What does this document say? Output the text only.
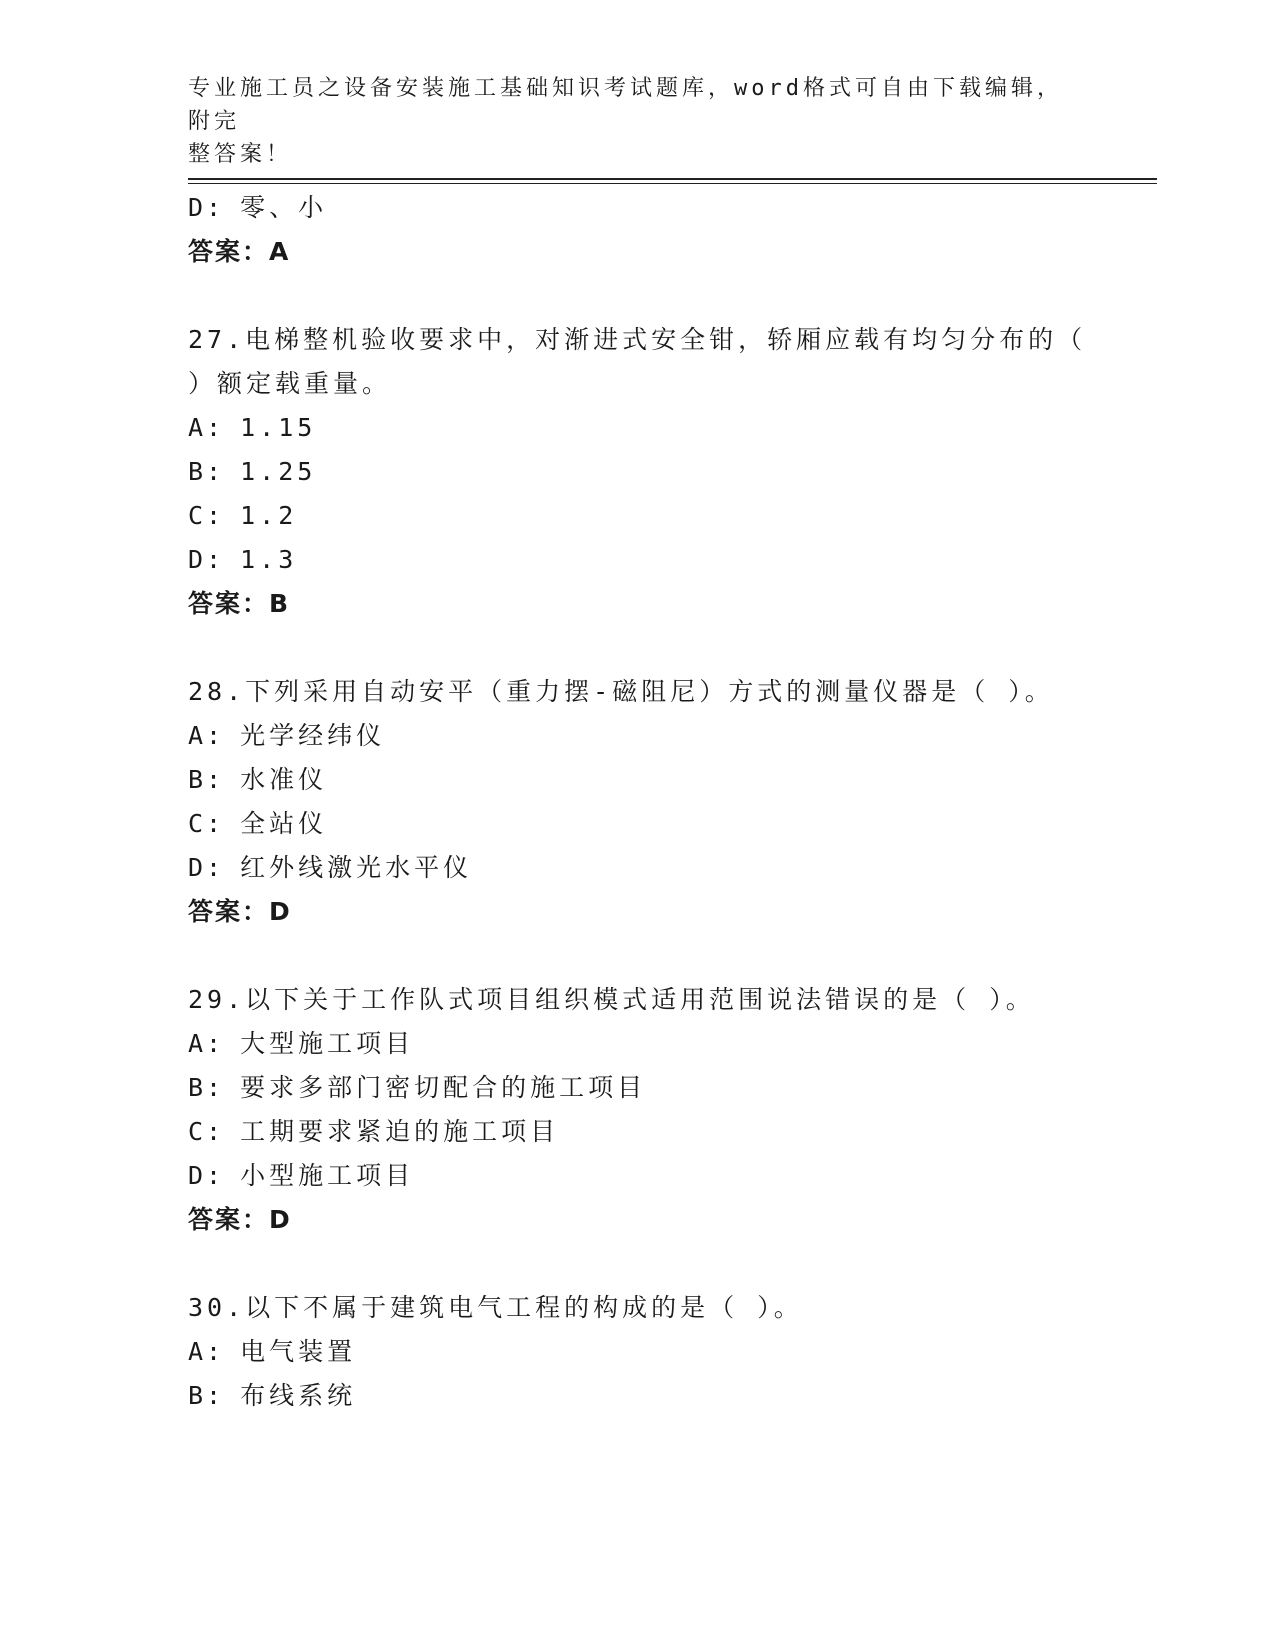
专业施工员之设备安装施工基础知识考试题库，word格式可自由下载编辑，附完
整答案！
D: 零、小
答案：A
27.电梯整机验收要求中，对渐进式安全钳，轿厢应载有均匀分布的（
）额定载重量。
A: 1.15
B: 1.25
C: 1.2
D: 1.3
答案：B
28.下列采用自动安平（重力摆-磁阻尼）方式的测量仪器是（ ）。
A: 光学经纬仪
B: 水准仪
C: 全站仪
D: 红外线激光水平仪
答案：D
29.以下关于工作队式项目组织模式适用范围说法错误的是（ ）。
A: 大型施工项目
B: 要求多部门密切配合的施工项目
C: 工期要求紧迫的施工项目
D: 小型施工项目
答案：D
30.以下不属于建筑电气工程的构成的是（ ）。
A: 电气装置
B: 布线系统
